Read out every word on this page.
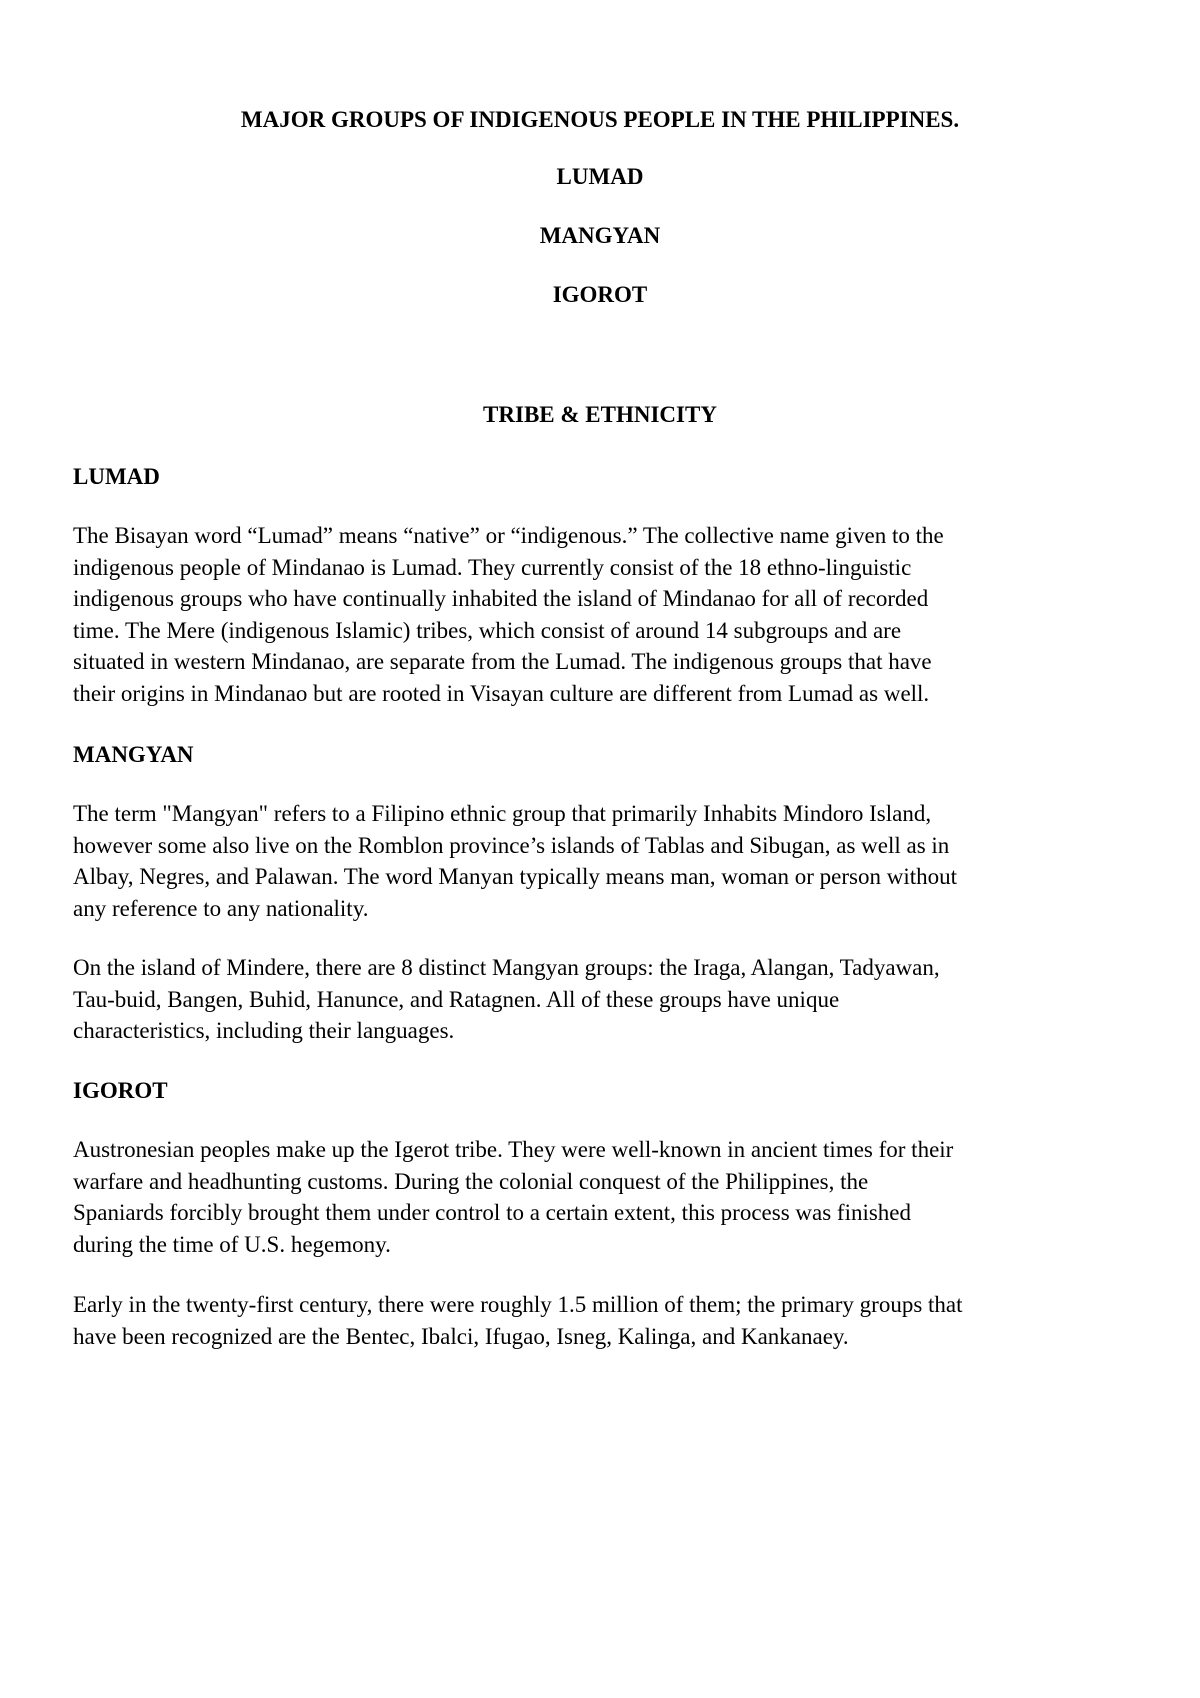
MAJOR GROUPS OF INDIGENOUS PEOPLE IN THE PHILIPPINES.
LUMAD
MANGYAN
IGOROT
TRIBE & ETHNICITY
LUMAD

The Bisayan word “Lumad” means “native” or “indigenous.” The collective name given to the
indigenous people of Mindanao is Lumad. They currently consist of the 18 ethno-linguistic
indigenous groups who have continually inhabited the island of Mindanao for all of recorded
time. The Mere (indigenous Islamic) tribes, which consist of around 14 subgroups and are
situated in western Mindanao, are separate from the Lumad. The indigenous groups that have
their origins in Mindanao but are rooted in Visayan culture are different from Lumad as well.

MANGYAN

The term "Mangyan" refers to a Filipino ethnic group that primarily Inhabits Mindoro Island,
however some also live on the Romblon province’s islands of Tablas and Sibugan, as well as in
Albay, Negres, and Palawan. The word Manyan typically means man, woman or person without
any reference to any nationality.

On the island of Mindere, there are 8 distinct Mangyan groups: the Iraga, Alangan, Tadyawan,
Tau-buid, Bangen, Buhid, Hanunce, and Ratagnen. All of these groups have unique
characteristics, including their languages.

IGOROT

Austronesian peoples make up the Igerot tribe. They were well-known in ancient times for their
warfare and headhunting customs. During the colonial conquest of the Philippines, the
Spaniards forcibly brought them under control to a certain extent, this process was finished
during the time of U.S. hegemony.

Early in the twenty-first century, there were roughly 1.5 million of them; the primary groups that
have been recognized are the Bentec, Ibalci, Ifugao, Isneg, Kalinga, and Kankanaey.
